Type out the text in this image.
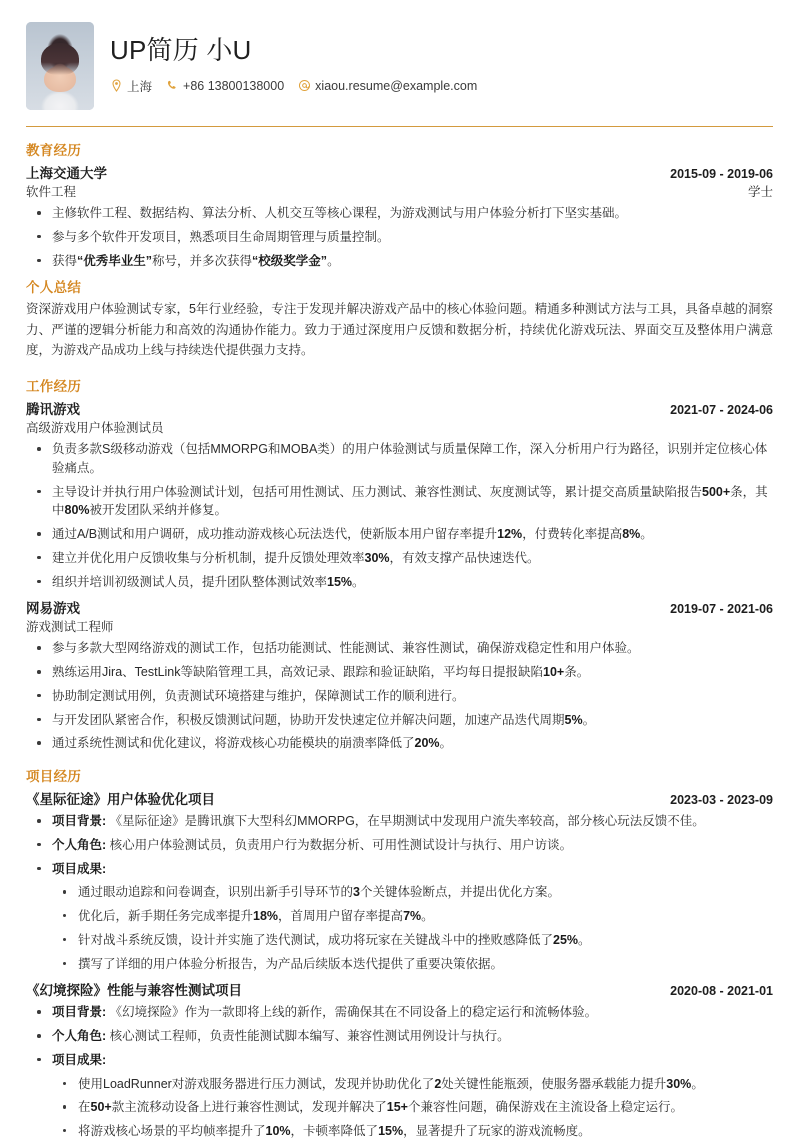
UP简历 小U
上海 +86 13800138000 xiaou.resume@example.com
教育经历
上海交通大学	2015-09 - 2019-06
软件工程	学士
主修软件工程、数据结构、算法分析、人机交互等核心课程，为游戏测试与用户体验分析打下坚实基础。
参与多个软件开发项目，熟悉项目生命周期管理与质量控制。
获得“优秀毕业生”称号，并多次获得“校级奖学金”。
个人总结

资深游戏用户体验测试专家，5年行业经验，专注于发现并解决游戏产品中的核心体验问题。精通多种测试方法与工具，具备卓越的洞察力、严谨的逻辑分析能力和高效的沟通协作能力。致力于通过深度用户反馈和数据分析，持续优化游戏玩法、界面交互及整体用户满意度，为游戏产品成功上线与持续迭代提供强力支持。

工作经历
腾讯游戏	2021-07 - 2024-06
高级游戏用户体验测试员
负责多款S级移动游戏（包括MMORPG和MOBA类）的用户体验测试与质量保障工作，深入分析用户行为路径，识别并定位核心体验痛点。
主导设计并执行用户体验测试计划，包括可用性测试、压力测试、兼容性测试、灰度测试等，累计提交高质量缺陷报告500+条，其中80%被开发团队采纳并修复。
通过A/B测试和用户调研，成功推动游戏核心玩法迭代，使新版本用户留存率提升12%，付费转化率提高8%。
建立并优化用户反馈收集与分析机制，提升反馈处理效率30%，有效支撑产品快速迭代。
组织并培训初级测试人员，提升团队整体测试效率15%。
网易游戏	2019-07 - 2021-06
游戏测试工程师
参与多款大型网络游戏的测试工作，包括功能测试、性能测试、兼容性测试，确保游戏稳定性和用户体验。
熟练运用Jira、TestLink等缺陷管理工具，高效记录、跟踪和验证缺陷，平均每日提报缺陷10+条。
协助制定测试用例，负责测试环境搭建与维护，保障测试工作的顺利进行。
与开发团队紧密合作，积极反馈测试问题，协助开发快速定位并解决问题，加速产品迭代周期5%。
通过系统性测试和优化建议，将游戏核心功能模块的崩溃率降低了20%。
项目经历
《星际征途》用户体验优化项目	2023-03 - 2023-09
项目背景: 《星际征途》是腾讯旗下大型科幻MMORPG，在早期测试中发现用户流失率较高，部分核心玩法反馈不佳。
个人角色: 核心用户体验测试员，负责用户行为数据分析、可用性测试设计与执行、用户访谈。
项目成果:
通过眼动追踪和问卷调查，识别出新手引导环节的3个关键体验断点，并提出优化方案。
优化后，新手期任务完成率提升18%，首周用户留存率提高7%。
针对战斗系统反馈，设计并实施了迭代测试，成功将玩家在关键战斗中的挫败感降低了25%。
撰写了详细的用户体验分析报告，为产品后续版本迭代提供了重要决策依据。
《幻境探险》性能与兼容性测试项目	2020-08 - 2021-01
项目背景: 《幻境探险》作为一款即将上线的新作，需确保其在不同设备上的稳定运行和流畅体验。
个人角色: 核心测试工程师，负责性能测试脚本编写、兼容性测试用例设计与执行。
项目成果:
使用LoadRunner对游戏服务器进行压力测试，发现并协助优化了2处关键性能瓶颈，使服务器承载能力提升30%。
在50+款主流移动设备上进行兼容性测试，发现并解决了15+个兼容性问题，确保游戏在主流设备上稳定运行。
将游戏核心场景的平均帧率提升了10%，卡顿率降低了15%，显著提升了玩家的游戏流畅度。
